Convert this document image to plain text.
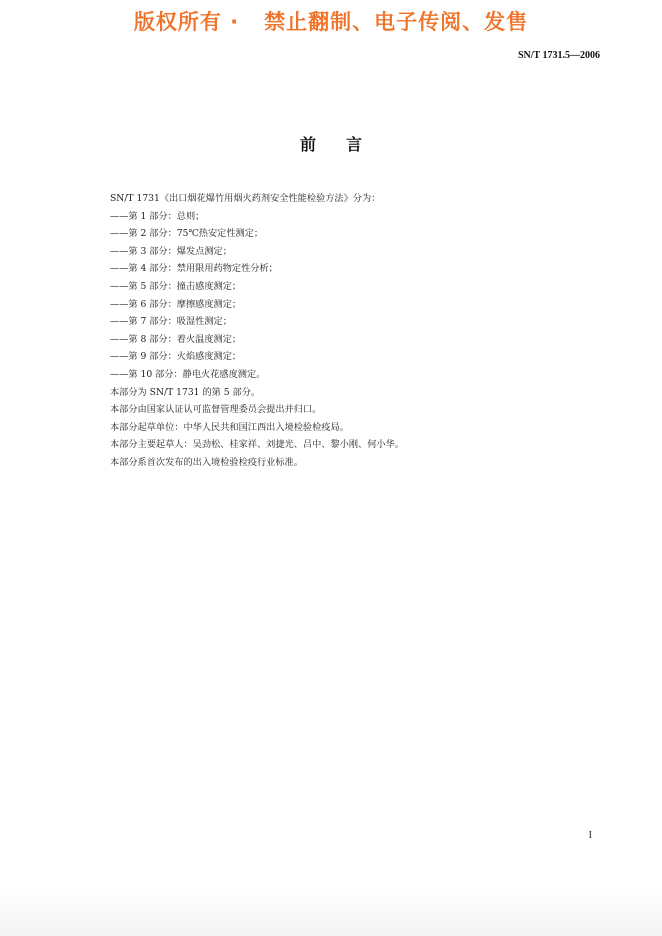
版权所有 ·   禁止翻制、电子传阅、发售
SN/T 1731.5—2006
前言
SN/T 1731《出口烟花爆竹用烟火药剂安全性能检验方法》分为：
——第 1 部分：总则；
——第 2 部分：75℃热安定性测定；
——第 3 部分：爆发点测定；
——第 4 部分：禁用限用药物定性分析；
——第 5 部分：撞击感度测定；
——第 6 部分：摩擦感度测定；
——第 7 部分：吸湿性测定；
——第 8 部分：着火温度测定；
——第 9 部分：火焰感度测定；
——第 10 部分：静电火花感度测定。
本部分为 SN/T 1731 的第 5 部分。
本部分由国家认证认可监督管理委员会提出并归口。
本部分起草单位：中华人民共和国江西出入境检验检疫局。
本部分主要起草人：吴劲松、桂家祥、刘捷光、吕中、黎小刚、何小华。
本部分系首次发布的出入境检验检疫行业标准。
I
